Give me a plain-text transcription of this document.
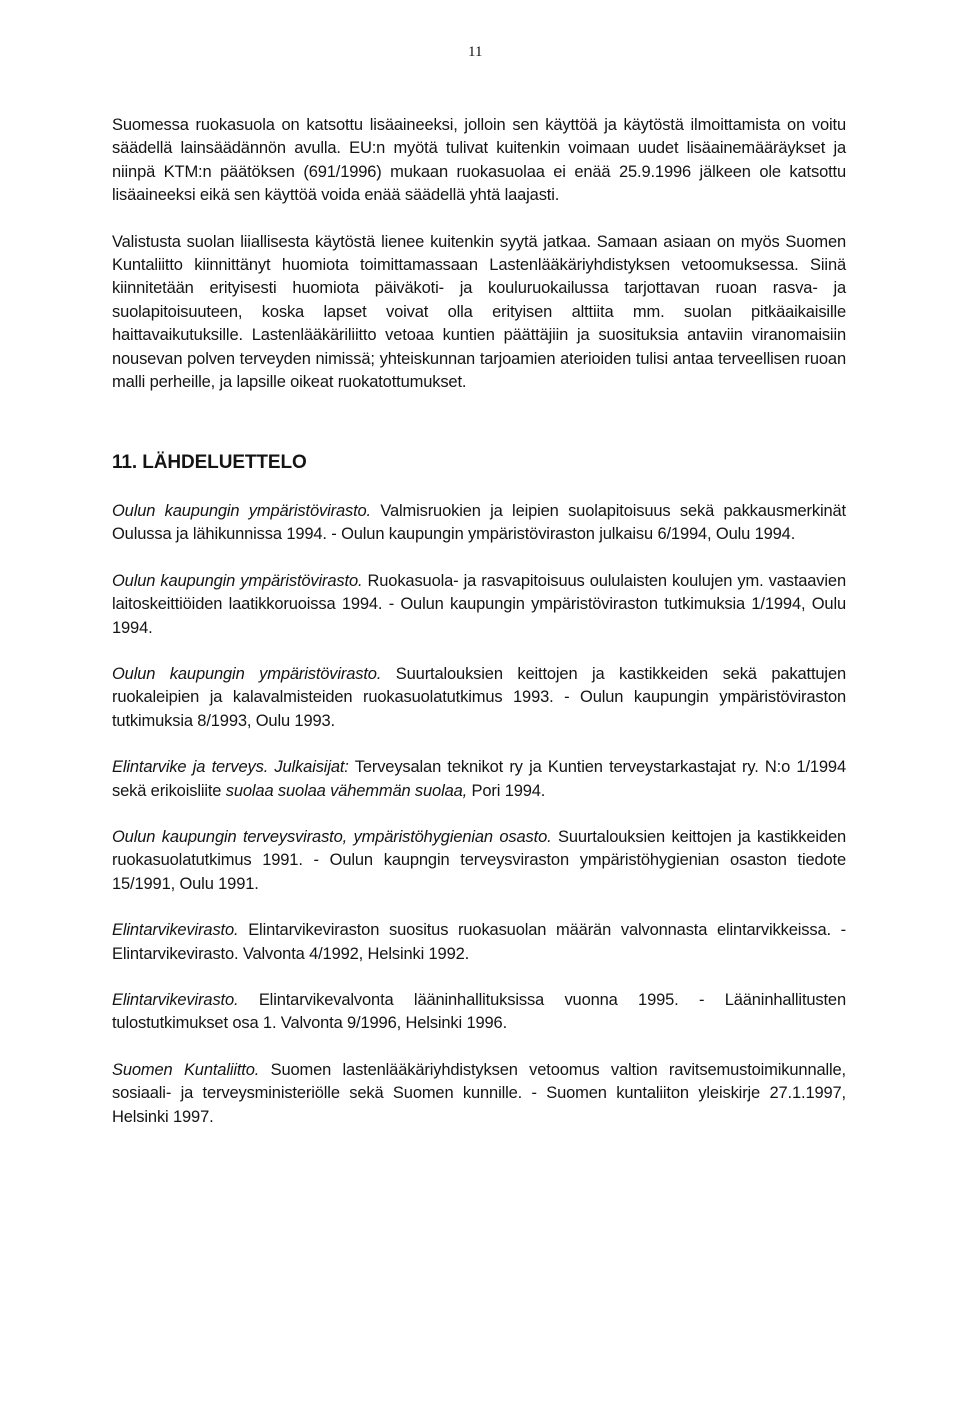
11

Suomessa ruokasuola on katsottu lisäaineeksi, jolloin sen käyttöä ja käytöstä ilmoittamista on voitu säädellä lainsäädännön avulla. EU:n myötä tulivat kuitenkin voimaan uudet lisäainemääräykset ja niinpä KTM:n päätöksen (691/1996) mukaan ruokasuolaa ei enää 25.9.1996 jälkeen ole katsottu lisäaineeksi eikä sen käyttöä voida enää säädellä yhtä laajasti.

Valistusta suolan liiallisesta käytöstä lienee kuitenkin syytä jatkaa. Samaan asiaan on myös Suomen Kuntaliitto kiinnittänyt huomiota toimittamassaan Lastenlääkäriyhdistyksen vetoomuksessa. Siinä kiinnitetään erityisesti huomiota päiväkoti- ja kouluruokailussa tarjottavan ruoan rasva- ja suolapitoisuuteen, koska lapset voivat olla erityisen alttiita mm. suolan pitkäaikaisille haittavaikutuksille. Lastenlääkäriliitto vetoaa kuntien päättäjiin ja suosituksia antaviin viranomaisiin nousevan polven terveyden nimissä; yhteiskunnan tarjoamien aterioiden tulisi antaa terveellisen ruoan malli perheille, ja lapsille oikeat ruokatottumukset.

11. LÄHDELUETTELO
Oulun kaupungin ympäristövirasto. Valmisruokien ja leipien suolapitoisuus sekä pakkausmerkinät Oulussa ja lähikunnissa 1994. - Oulun kaupungin ympäristöviraston julkaisu 6/1994, Oulu 1994.
Oulun kaupungin ympäristövirasto. Ruokasuola- ja rasvapitoisuus oululaisten koulujen ym. vastaavien laitoskeittiöiden laatikkoruoissa 1994. - Oulun kaupungin ympäristöviraston tutkimuksia 1/1994, Oulu 1994.
Oulun kaupungin ympäristövirasto. Suurtalouksien keittojen ja kastikkeiden sekä pakattujen ruokaleipien ja kalavalmisteiden ruokasuolatutkimus 1993. - Oulun kaupungin ympäristöviraston tutkimuksia 8/1993, Oulu 1993.
Elintarvike ja terveys. Julkaisijat: Terveysalan teknikot ry ja Kuntien terveystarkastajat ry. N:o 1/1994 sekä erikoisliite suolaa suolaa vähemmän suolaa, Pori 1994.
Oulun kaupungin terveysvirasto, ympäristöhygienian osasto. Suurtalouksien keittojen ja kastikkeiden ruokasuolatutkimus 1991. - Oulun kaupngin terveysviraston ympäristöhygienian osaston tiedote 15/1991, Oulu 1991.
Elintarvikevirasto. Elintarvikeviraston suositus ruokasuolan määrän valvonnasta elintarvikkeissa. - Elintarvikevirasto. Valvonta 4/1992, Helsinki 1992.
Elintarvikevirasto. Elintarvikevalvonta lääninhallituksissa vuonna 1995. - Lääninhallitusten tulostutkimukset osa 1. Valvonta 9/1996, Helsinki 1996.
Suomen Kuntaliitto. Suomen lastenlääkäriyhdistyksen vetoomus valtion ravitsemustoimikunnalle, sosiaali- ja terveysministeriölle sekä Suomen kunnille. - Suomen kuntaliiton yleiskirje 27.1.1997, Helsinki 1997.
